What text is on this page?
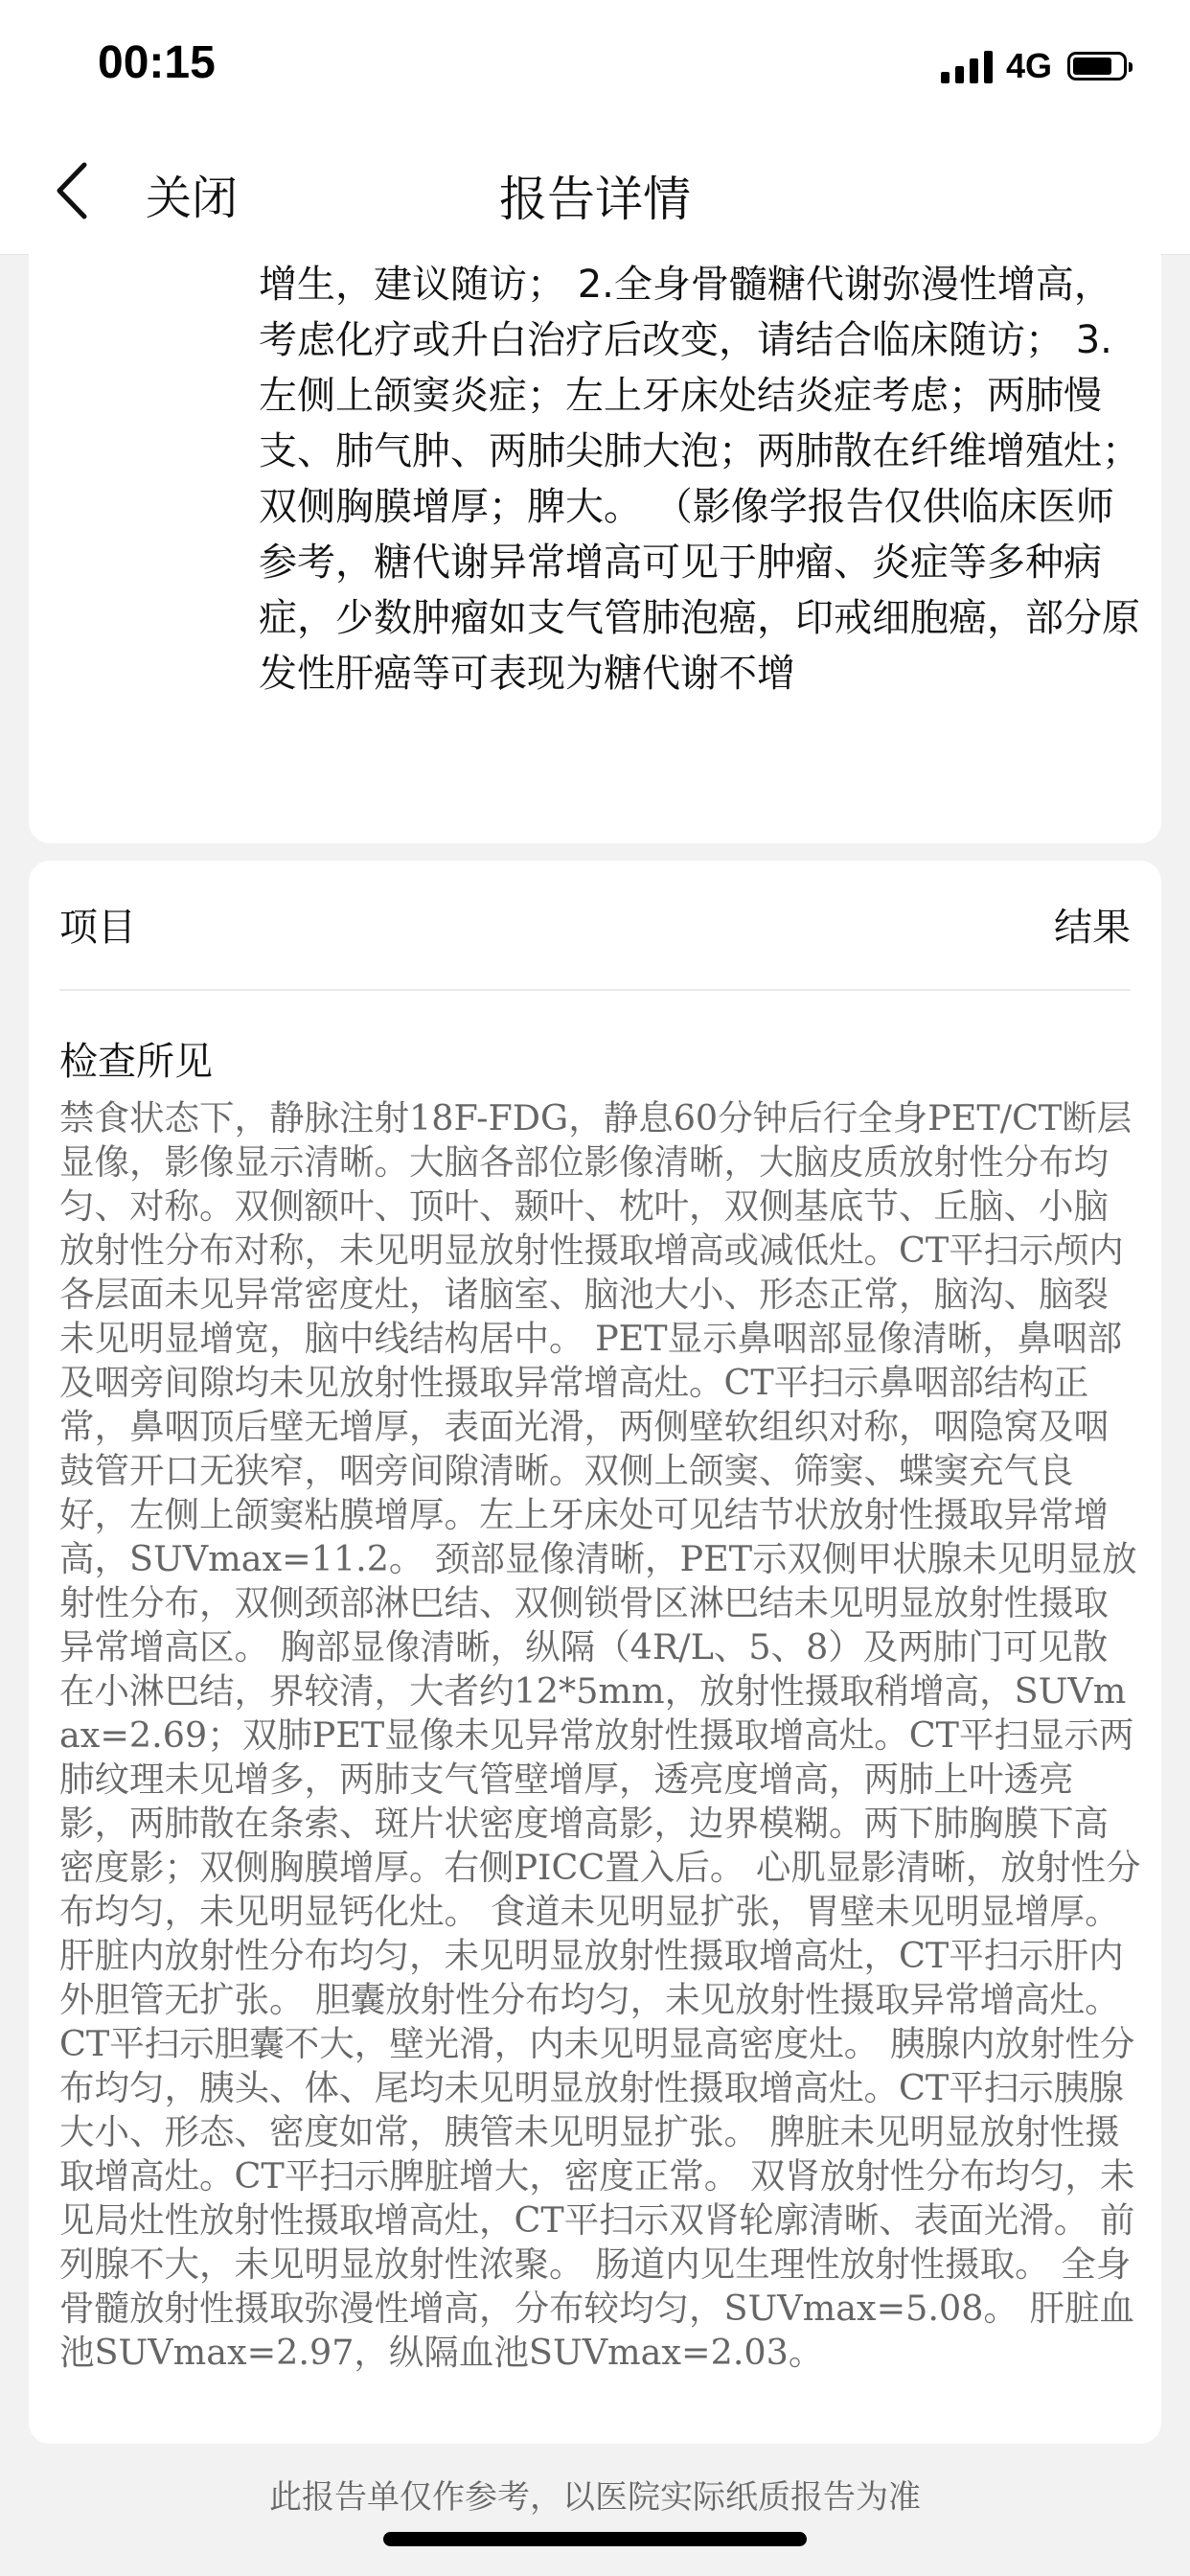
00:15	4G
关闭	报告详情
增生，建议随访； 2.全身骨髓糖代谢弥漫性增高，考虑化疗或升白治疗后改变，请结合临床随访； 3.左侧上颌窦炎症；左上牙床处结炎症考虑；两肺慢支、肺气肿、两肺尖肺大泡；两肺散在纤维增殖灶；双侧胸膜增厚；脾大。 （影像学报告仅供临床医师参考，糖代谢异常增高可见于肿瘤、炎症等多种病症，少数肿瘤如支气管肺泡癌，印戒细胞癌，部分原发性肝癌等可表现为糖代谢不增
项目	结果
检查所见
禁食状态下，静脉注射18F-FDG，静息60分钟后行全身PET/CT断层显像，影像显示清晰。大脑各部位影像清晰，大脑皮质放射性分布均匀、对称。双侧额叶、顶叶、颞叶、枕叶，双侧基底节、丘脑、小脑放射性分布对称，未见明显放射性摄取增高或减低灶。CT平扫示颅内各层面未见异常密度灶，诸脑室、脑池大小、形态正常，脑沟、脑裂未见明显增宽，脑中线结构居中。 PET显示鼻咽部显像清晰，鼻咽部及咽旁间隙均未见放射性摄取异常增高灶。CT平扫示鼻咽部结构正常，鼻咽顶后壁无增厚，表面光滑，两侧壁软组织对称，咽隐窝及咽鼓管开口无狭窄，咽旁间隙清晰。双侧上颌窦、筛窦、蝶窦充气良好，左侧上颌窦粘膜增厚。左上牙床处可见结节状放射性摄取异常增高，SUVmax=11.2。 颈部显像清晰，PET示双侧甲状腺未见明显放射性分布，双侧颈部淋巴结、双侧锁骨区淋巴结未见明显放射性摄取异常增高区。 胸部显像清晰，纵隔（4R/L、5、8）及两肺门可见散在小淋巴结，界较清，大者约12*5mm，放射性摄取稍增高，SUVmax=2.69；双肺PET显像未见异常放射性摄取增高灶。CT平扫显示两肺纹理未见增多，两肺支气管壁增厚，透亮度增高，两肺上叶透亮影，两肺散在条索、斑片状密度增高影，边界模糊。两下肺胸膜下高密度影；双侧胸膜增厚。右侧PICC置入后。 心肌显影清晰，放射性分布均匀，未见明显钙化灶。 食道未见明显扩张，胃壁未见明显增厚。 肝脏内放射性分布均匀，未见明显放射性摄取增高灶，CT平扫示肝内外胆管无扩张。 胆囊放射性分布均匀，未见放射性摄取异常增高灶。CT平扫示胆囊不大，壁光滑，内未见明显高密度灶。 胰腺内放射性分布均匀，胰头、体、尾均未见明显放射性摄取增高灶。CT平扫示胰腺大小、形态、密度如常，胰管未见明显扩张。 脾脏未见明显放射性摄取增高灶。CT平扫示脾脏增大，密度正常。 双肾放射性分布均匀，未见局灶性放射性摄取增高灶，CT平扫示双肾轮廓清晰、表面光滑。 前列腺不大，未见明显放射性浓聚。 肠道内见生理性放射性摄取。 全身骨髓放射性摄取弥漫性增高，分布较均匀，SUVmax=5.08。 肝脏血池SUVmax=2.97，纵隔血池SUVmax=2.03。
此报告单仅作参考，以医院实际纸质报告为准
